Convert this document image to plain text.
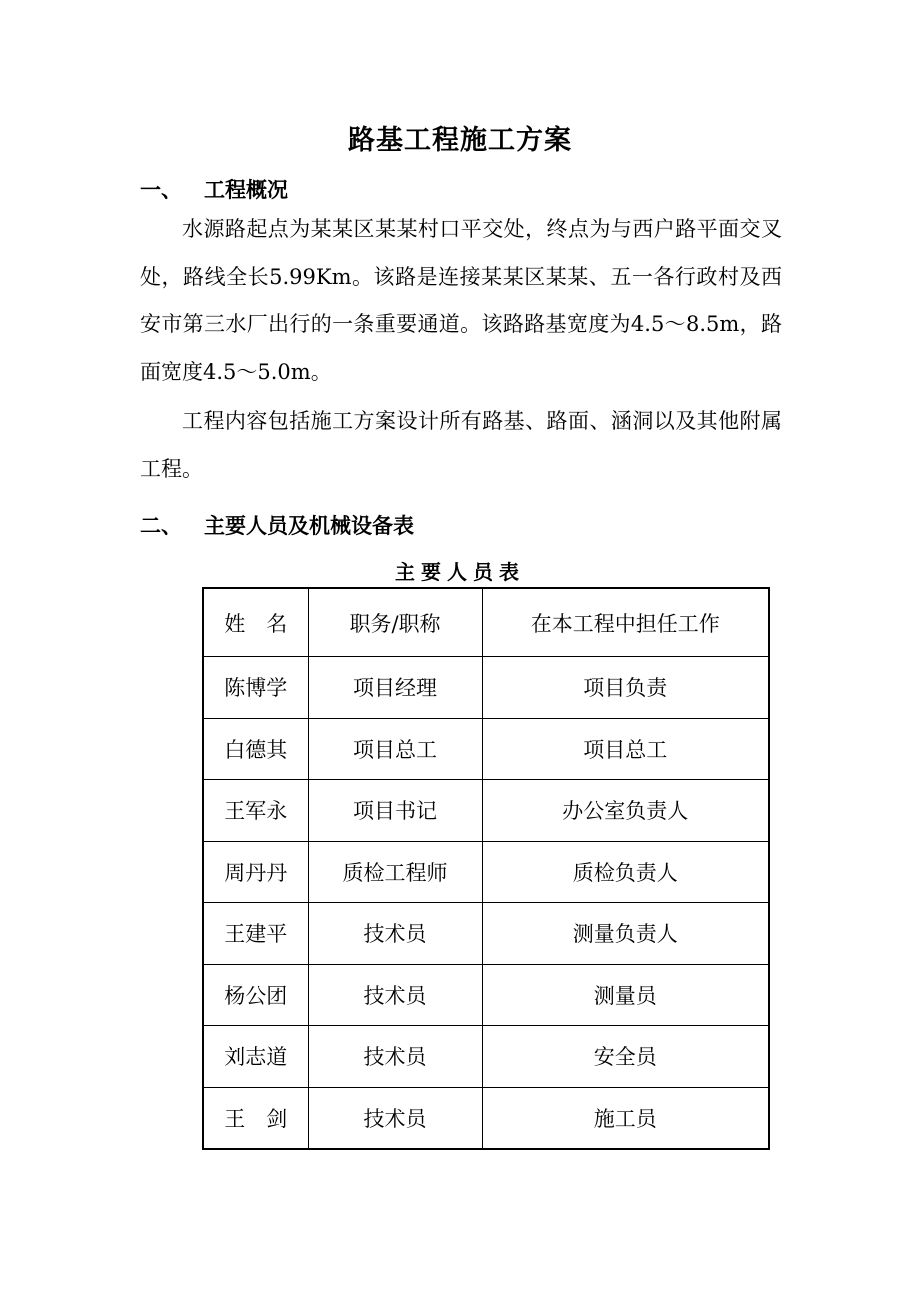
路基工程施工方案
一、 工程概况

水源路起点为某某区某某村口平交处，终点为与西户路平面交叉处，路线全长5.99Km。该路是连接某某区某某、五一各行政村及西安市第三水厂出行的一条重要通道。该路路基宽度为4.5～8.5m，路面宽度4.5～5.0m。

工程内容包括施工方案设计所有路基、路面、涵洞以及其他附属工程。

二、 主要人员及机械设备表
主要人员表
姓　名	职务/职称	在本工程中担任工作
陈博学	项目经理	项目负责
白德其	项目总工	项目总工
王军永	项目书记	办公室负责人
周丹丹	质检工程师	质检负责人
王建平	技术员	测量负责人
杨公团	技术员	测量员
刘志道	技术员	安全员
王　剑	技术员	施工员
